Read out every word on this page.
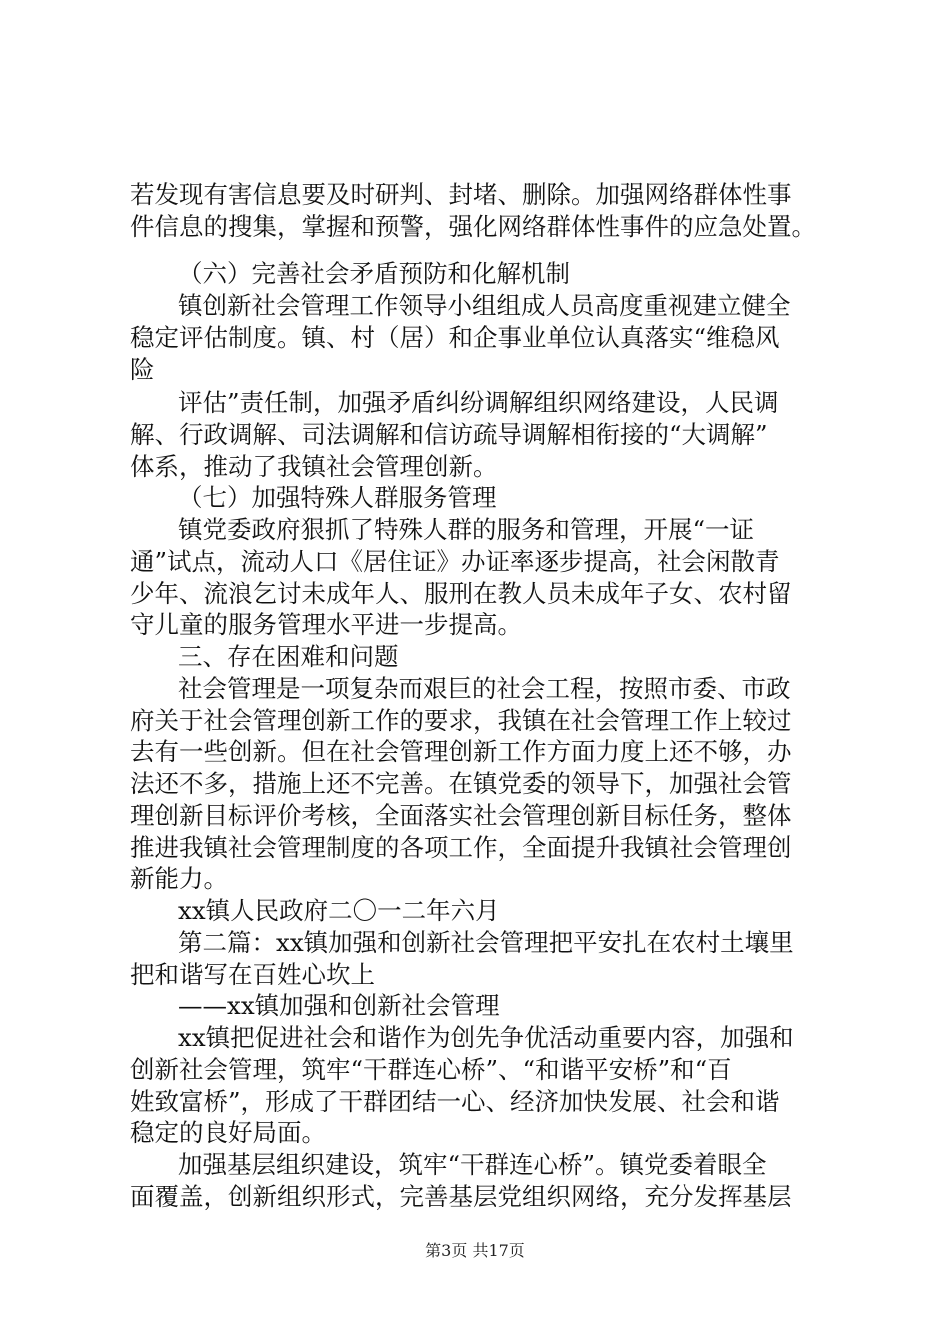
若发现有害信息要及时研判、封堵、删除。加强网络群体性事
件信息的搜集，掌握和预警，强化网络群体性事件的应急处置。
（六）完善社会矛盾预防和化解机制
镇创新社会管理工作领导小组组成人员高度重视建立健全
稳定评估制度。镇、村（居）和企事业单位认真落实“维稳风
险
评估”责任制，加强矛盾纠纷调解组织网络建设，人民调
解、行政调解、司法调解和信访疏导调解相衔接的“大调解”
体系，推动了我镇社会管理创新。
（七）加强特殊人群服务管理
镇党委政府狠抓了特殊人群的服务和管理，开展“一证
通”试点，流动人口《居住证》办证率逐步提高，社会闲散青
少年、流浪乞讨未成年人、服刑在教人员未成年子女、农村留
守儿童的服务管理水平进一步提高。
三、存在困难和问题
社会管理是一项复杂而艰巨的社会工程，按照市委、市政
府关于社会管理创新工作的要求，我镇在社会管理工作上较过
去有一些创新。但在社会管理创新工作方面力度上还不够，办
法还不多，措施上还不完善。在镇党委的领导下，加强社会管
理创新目标评价考核，全面落实社会管理创新目标任务，整体
推进我镇社会管理制度的各项工作，全面提升我镇社会管理创
新能力。
xx镇人民政府二〇一二年六月
第二篇：xx镇加强和创新社会管理把平安扎在农村土壤里
把和谐写在百姓心坎上
——xx镇加强和创新社会管理
xx镇把促进社会和谐作为创先争优活动重要内容，加强和
创新社会管理，筑牢“干群连心桥”、“和谐平安桥”和“百
姓致富桥”，形成了干群团结一心、经济加快发展、社会和谐
稳定的良好局面。
加强基层组织建设，筑牢“干群连心桥”。镇党委着眼全
面覆盖，创新组织形式，完善基层党组织网络，充分发挥基层
第3页 共17页
